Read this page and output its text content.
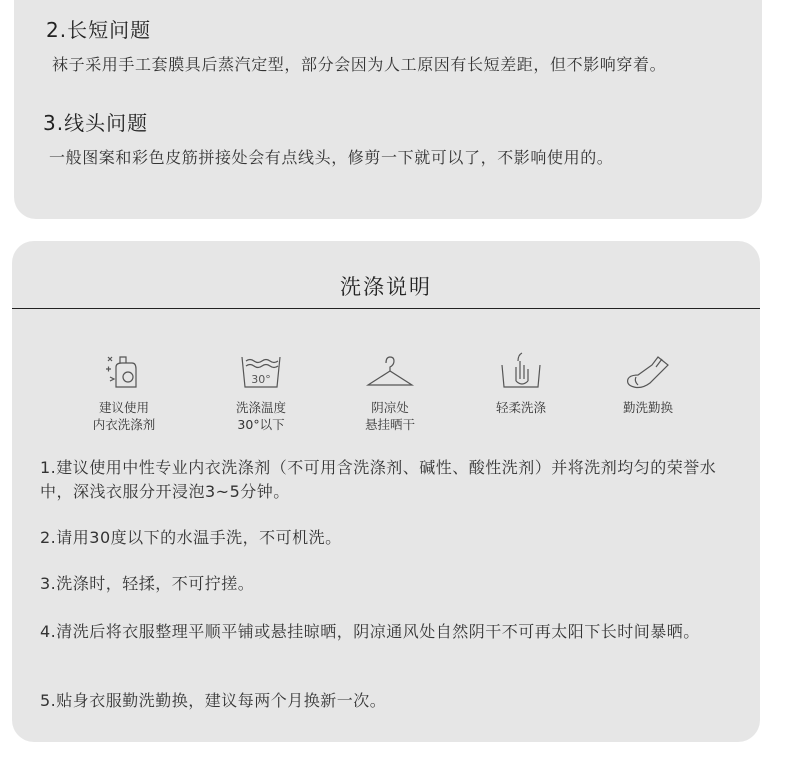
2.长短问题
袜子采用手工套膜具后蒸汽定型，部分会因为人工原因有长短差距，但不影响穿着。
3.线头问题
一般图案和彩色皮筋拼接处会有点线头，修剪一下就可以了，不影响使用的。
洗涤说明
建议使用
内衣洗涤剂
30°
洗涤温度
30°以下
阴凉处
悬挂晒干
轻柔洗涤	勤洗勤换
1.建议使用中性专业内衣洗涤剂（不可用含洗涤剂、碱性、酸性洗剂）并将洗剂均匀的荣誉水中，深浅衣服分开浸泡3~5分钟。
2.请用30度以下的水温手洗，不可机洗。
3.洗涤时，轻揉，不可拧搓。
4.清洗后将衣服整理平顺平铺或悬挂晾晒，阴凉通风处自然阴干不可再太阳下长时间暴晒。
5.贴身衣服勤洗勤换，建议每两个月换新一次。
